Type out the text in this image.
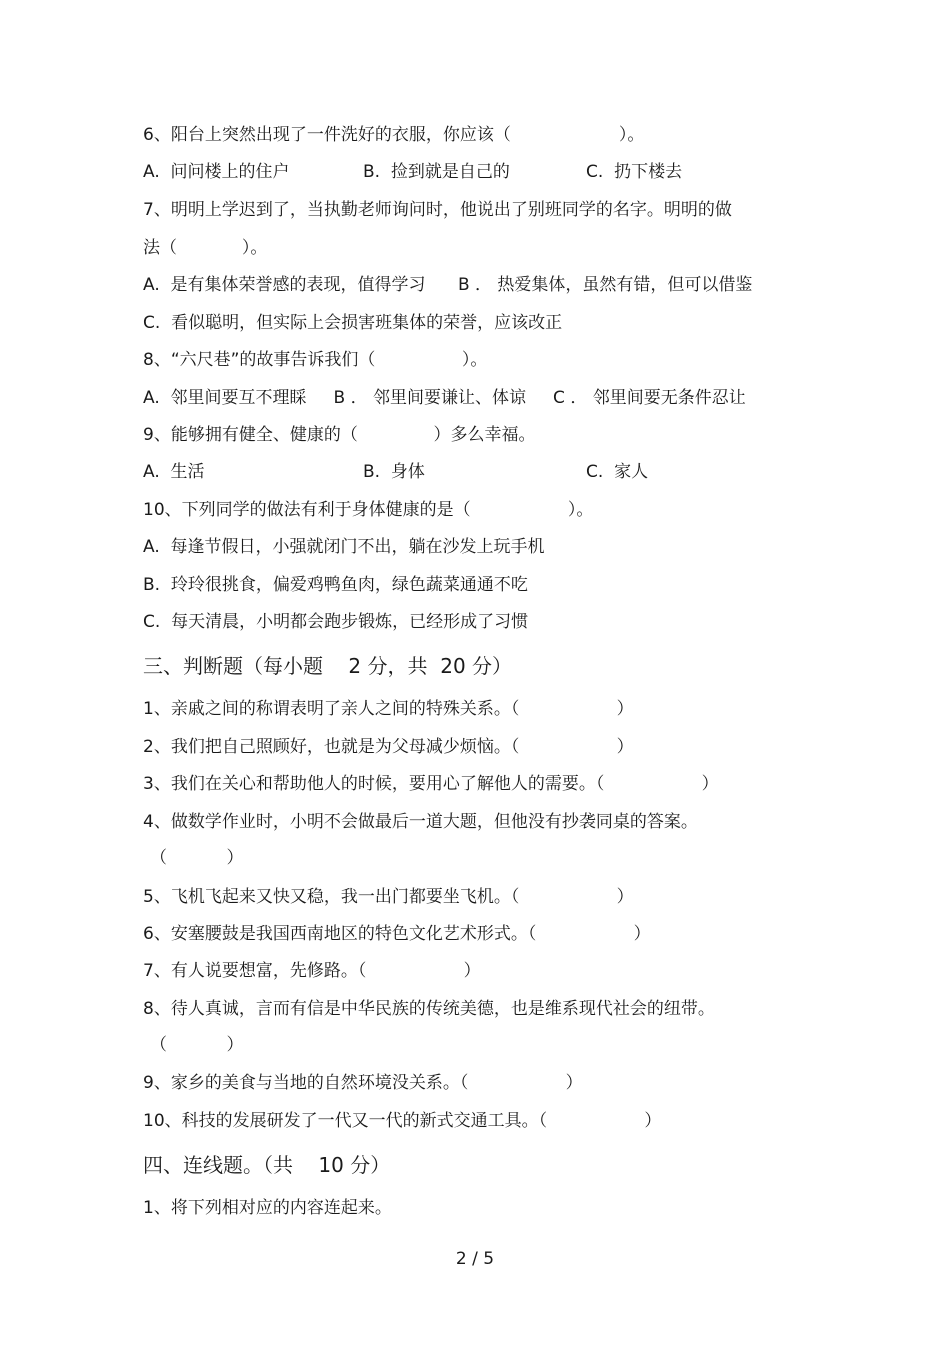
6、阳台上突然出现了一件洗好的衣服，你应该（                    ）。

A.  问问楼上的住户

	B.  捡到就是自己的

	C.  扔下楼去

7、明明上学迟到了，当执勤老师询问时，他说出了别班同学的名字。明明的做
法（            ）。
A.  是有集体荣誉感的表现，值得学习      B ． 热爱集体，虽然有错，但可以借鉴
C.  看似聪明，但实际上会损害班集体的荣誉，应该改正
8、“六尺巷”的故事告诉我们（                ）。
A.  邻里间要互不理睬     B ． 邻里间要谦让、体谅     C ． 邻里间要无条件忍让
9、能够拥有健全、健康的（              ）多么幸福。

A.  生活

	B.  身体

	C.  家人

10、下列同学的做法有利于身体健康的是（                  ）。
A.  每逢节假日，小强就闭门不出，躺在沙发上玩手机
B.  玲玲很挑食，偏爱鸡鸭鱼肉，绿色蔬菜通通不吃
C.  每天清晨，小明都会跑步锻炼，已经形成了习惯
三、判断题（每小题    2 分，共  20 分）
1、亲戚之间的称谓表明了亲人之间的特殊关系。（                  ）
2、我们把自己照顾好，也就是为父母减少烦恼。（                  ）
3、我们在关心和帮助他人的时候，要用心了解他人的需要。（                  ）
4、做数学作业时，小明不会做最后一道大题，但他没有抄袭同桌的答案。
（           ）
5、飞机飞起来又快又稳，我一出门都要坐飞机。（                  ）
6、安塞腰鼓是我国西南地区的特色文化艺术形式。（                  ）
7、有人说要想富，先修路。（                  ）
8、待人真诚，言而有信是中华民族的传统美德，也是维系现代社会的纽带。
（           ）
9、家乡的美食与当地的自然环境没关系。（                  ）
10、科技的发展研发了一代又一代的新式交通工具。（                  ）
四、连线题。（共    10 分）
1、将下列相对应的内容连起来。
2 / 5
